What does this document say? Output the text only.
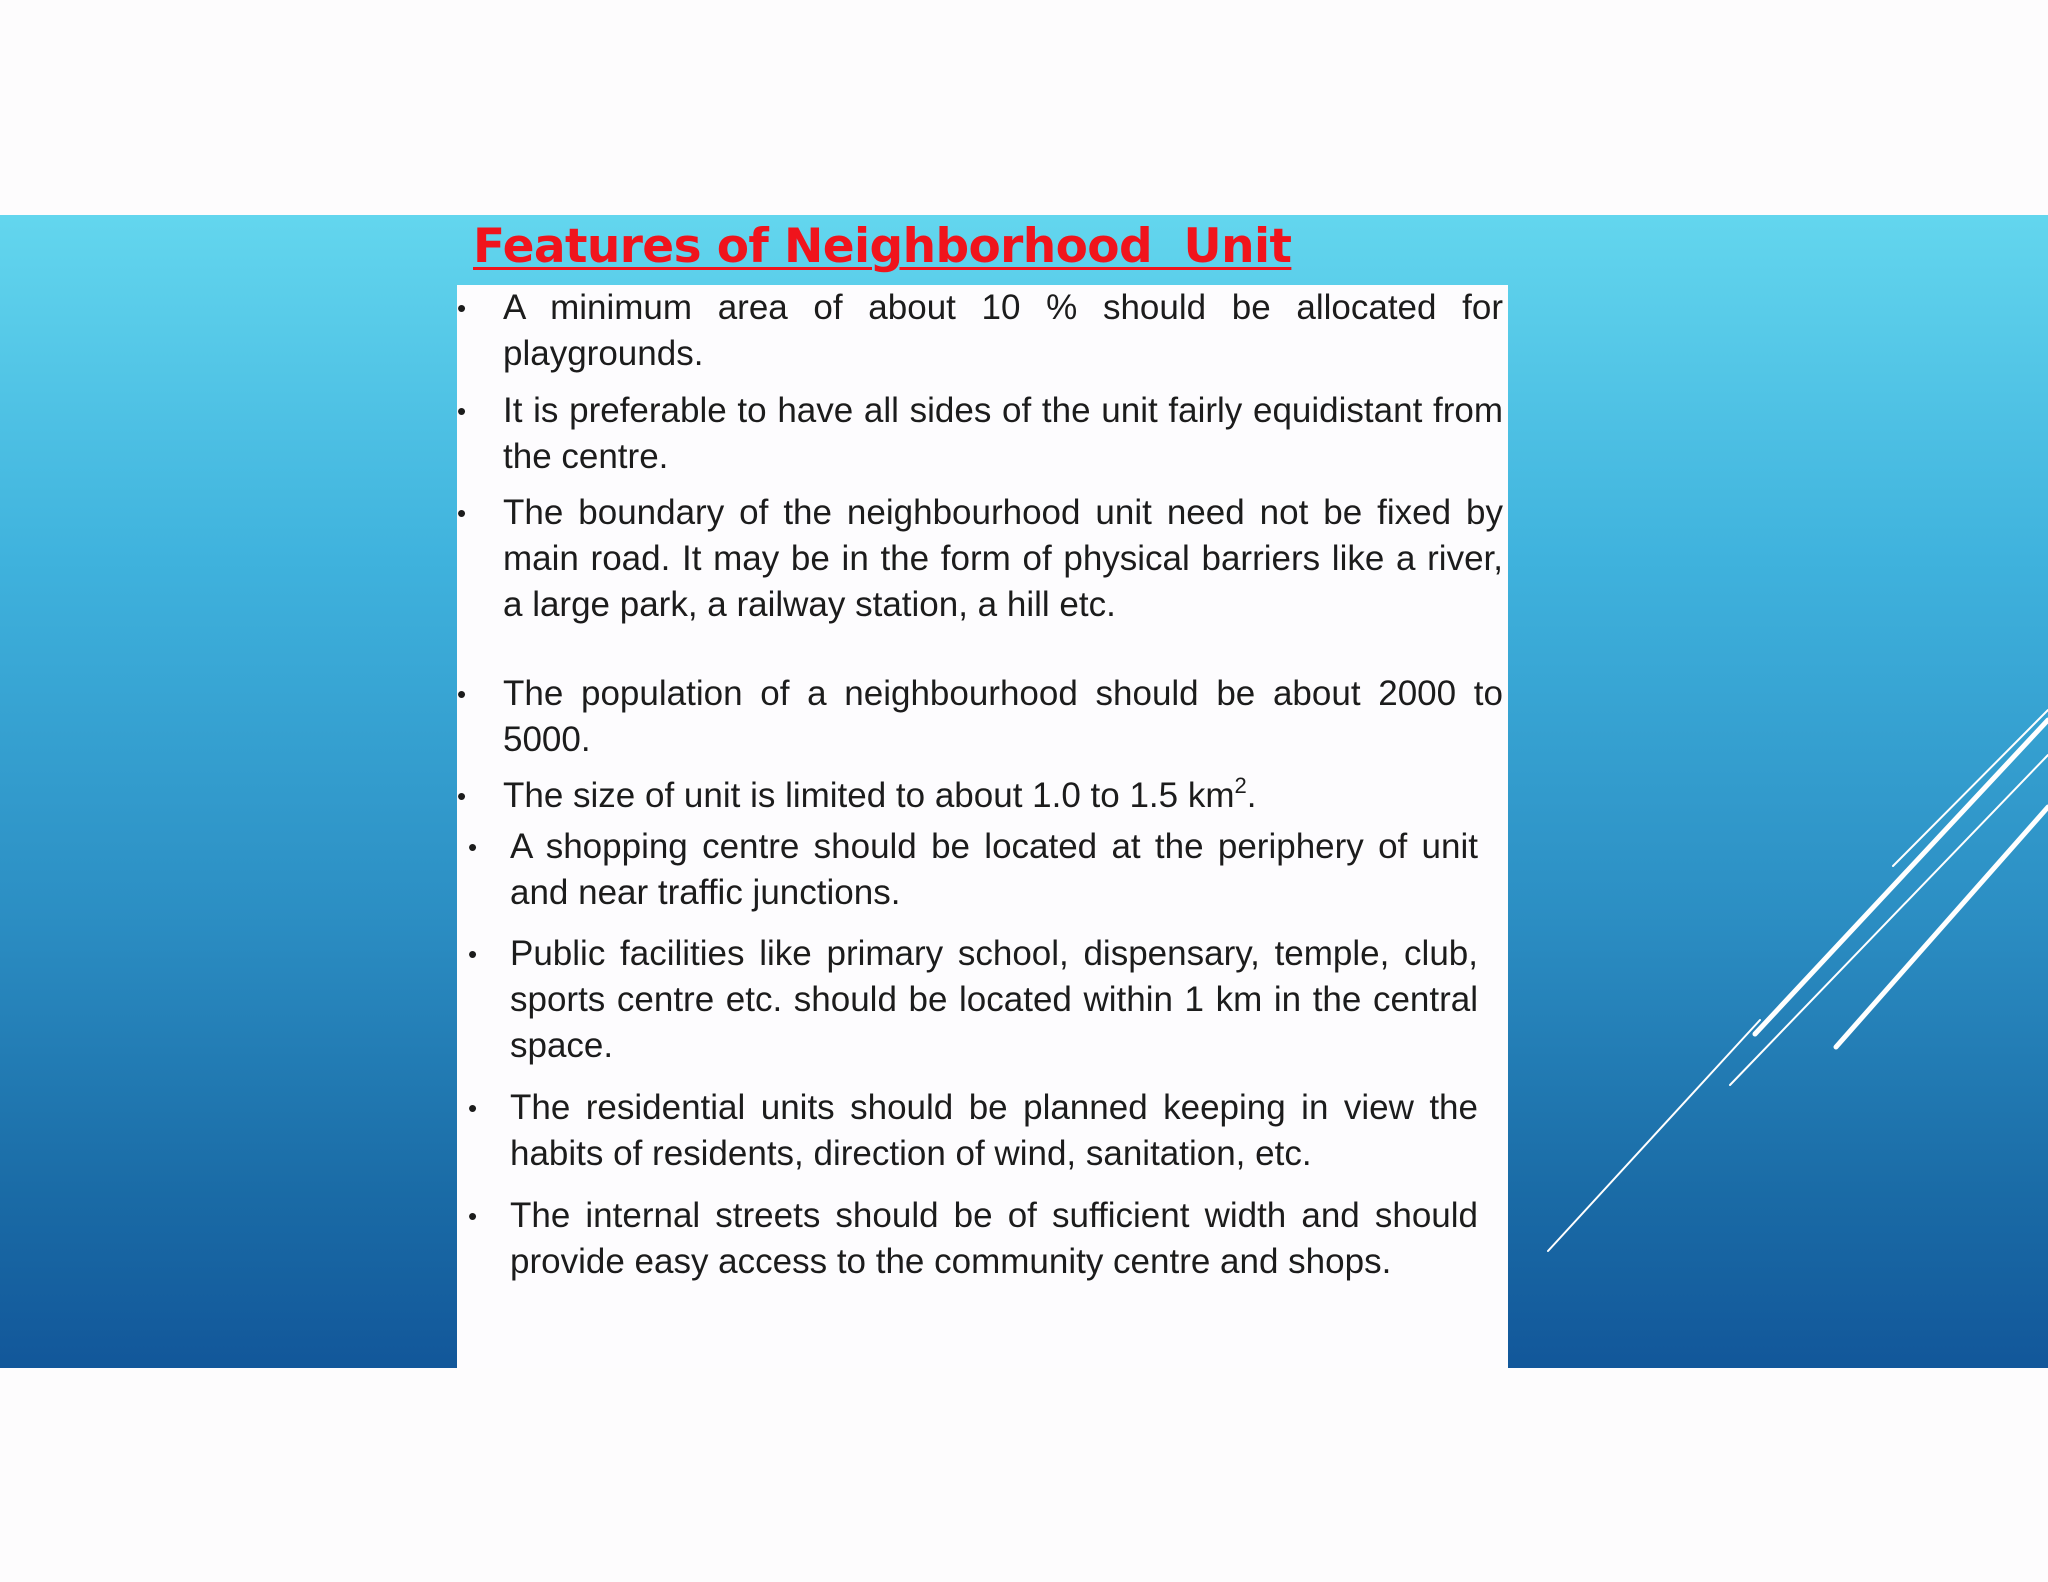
Features of Neighborhood  Unit
• A minimum area of about 10 % should be allocated for playgrounds.
• It is preferable to have all sides of the unit fairly equidistant from the centre.
• The boundary of the neighbourhood unit need not be fixed by main road. It may be in the form of physical barriers like a river, a large park, a railway station, a hill etc.
• The population of a neighbourhood should be about 2000 to 5000.
• The size of unit is limited to about 1.0 to 1.5 $km^2$.
• A shopping centre should be located at the periphery of unit and near traffic junctions.
• Public facilities like primary school, dispensary, temple, club, sports centre etc. should be located within 1 km in the central space.
• The residential units should be planned keeping in view the habits of residents, direction of wind, sanitation, etc.
• The internal streets should be of sufficient width and should provide easy access to the community centre and shops.
